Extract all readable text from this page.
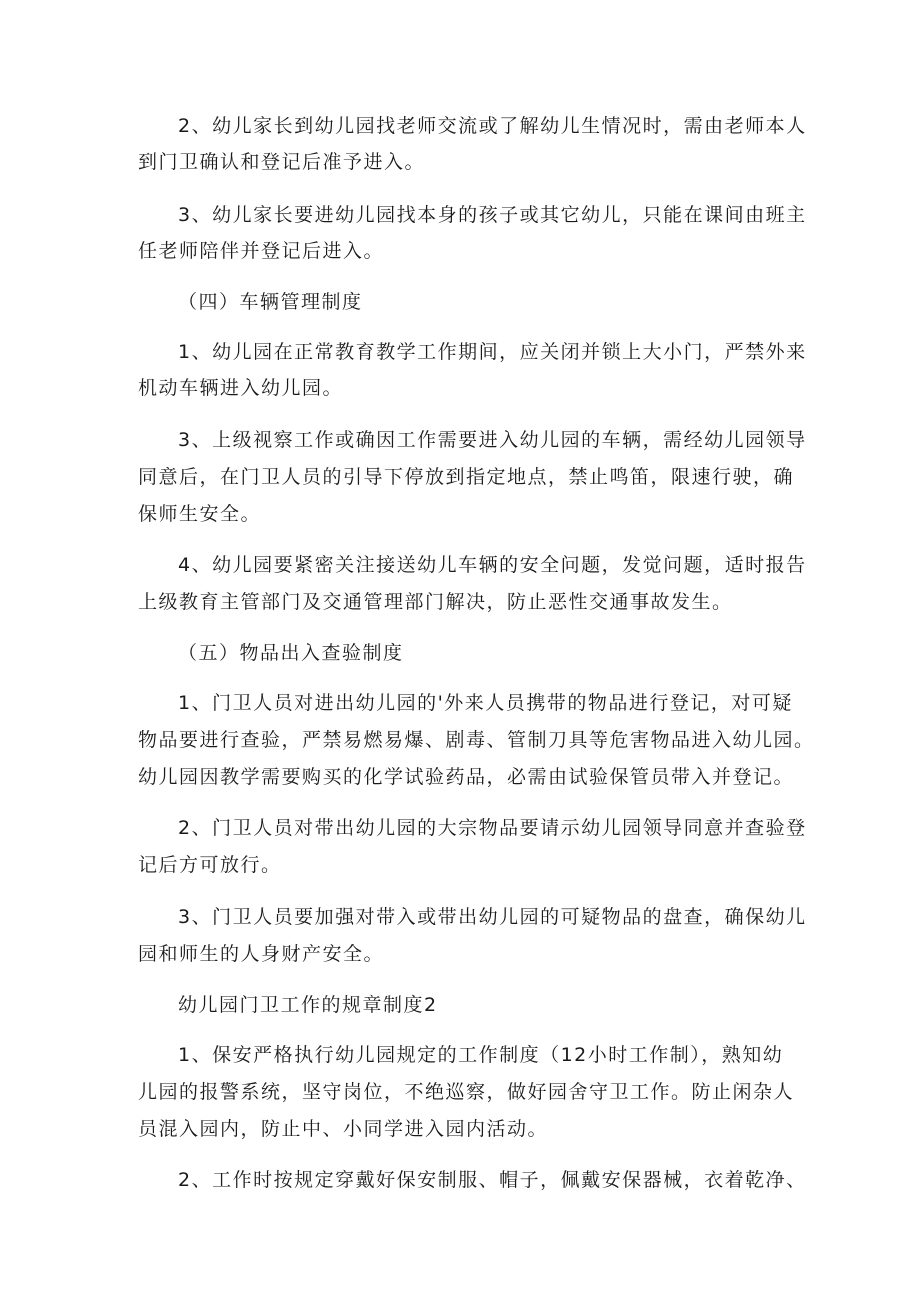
2、幼儿家长到幼儿园找老师交流或了解幼儿生情况时，需由老师本人
到门卫确认和登记后准予进入。
3、幼儿家长要进幼儿园找本身的孩子或其它幼儿，只能在课间由班主
任老师陪伴并登记后进入。
（四）车辆管理制度
1、幼儿园在正常教育教学工作期间，应关闭并锁上大小门，严禁外来
机动车辆进入幼儿园。
3、上级视察工作或确因工作需要进入幼儿园的车辆，需经幼儿园领导
同意后，在门卫人员的引导下停放到指定地点，禁止鸣笛，限速行驶，确
保师生安全。
4、幼儿园要紧密关注接送幼儿车辆的安全问题，发觉问题，适时报告
上级教育主管部门及交通管理部门解决，防止恶性交通事故发生。
（五）物品出入查验制度
1、门卫人员对进出幼儿园的'外来人员携带的物品进行登记，对可疑
物品要进行查验，严禁易燃易爆、剧毒、管制刀具等危害物品进入幼儿园。
幼儿园因教学需要购买的化学试验药品，必需由试验保管员带入并登记。
2、门卫人员对带出幼儿园的大宗物品要请示幼儿园领导同意并查验登
记后方可放行。
3、门卫人员要加强对带入或带出幼儿园的可疑物品的盘查，确保幼儿
园和师生的人身财产安全。
幼儿园门卫工作的规章制度2
1、保安严格执行幼儿园规定的工作制度（12小时工作制），熟知幼
儿园的报警系统，坚守岗位，不绝巡察，做好园舍守卫工作。防止闲杂人
员混入园内，防止中、小同学进入园内活动。
2、工作时按规定穿戴好保安制服、帽子，佩戴安保器械，衣着乾净、
